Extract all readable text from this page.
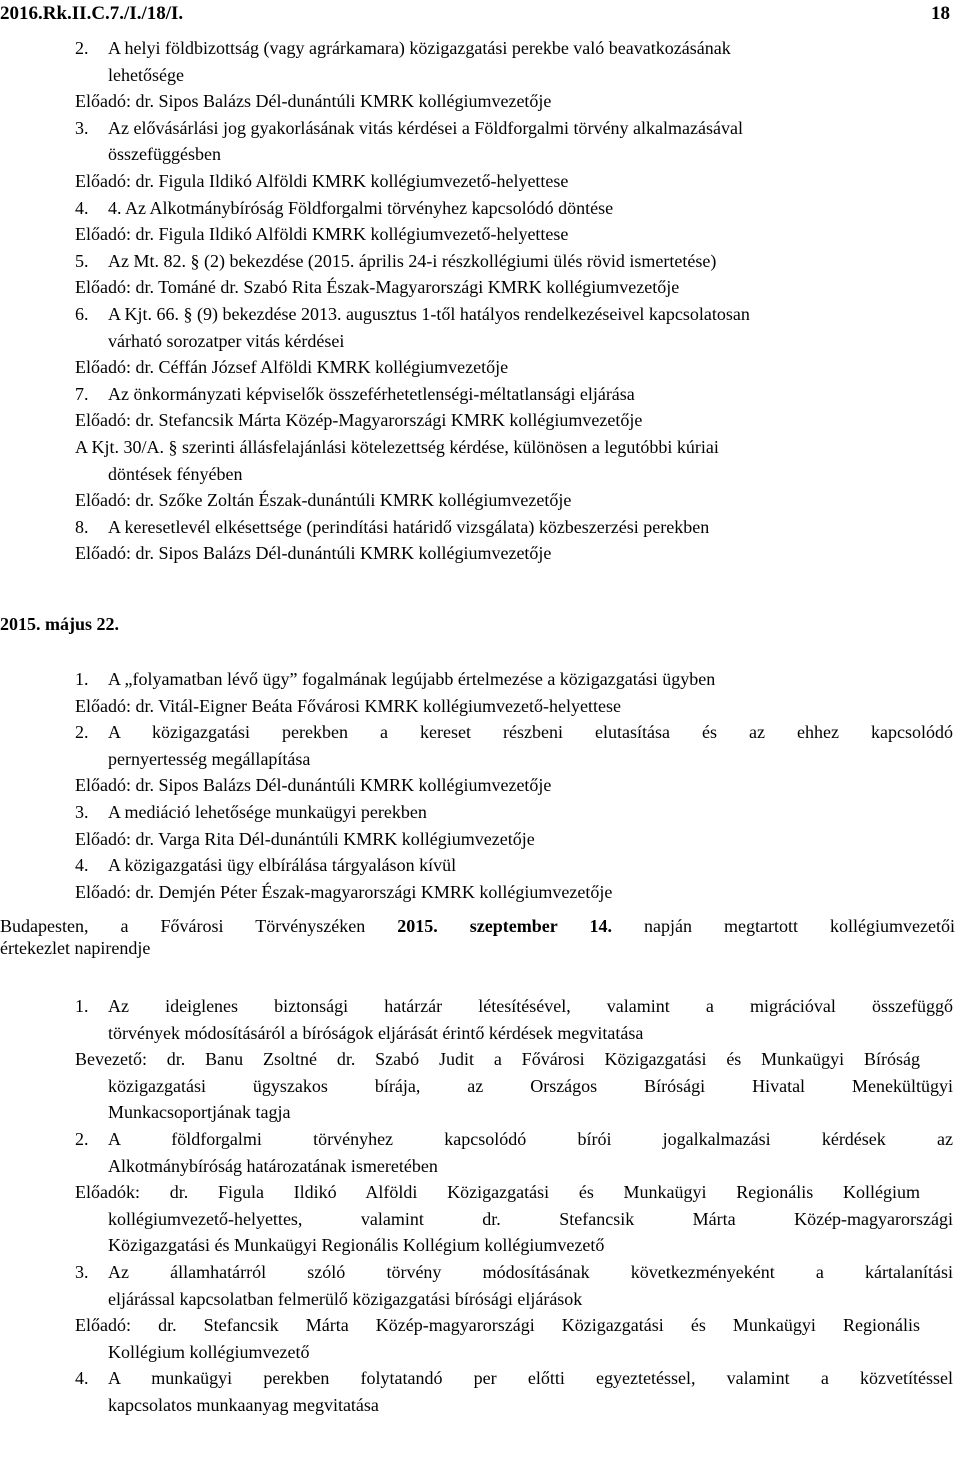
2016.Rk.II.C.7./I./18/I.	18
2. A helyi földbizottság (vagy agrárkamara) közigazgatási perekbe való beavatkozásának
lehetősége
Előadó: dr. Sipos Balázs Dél-dunántúli KMRK kollégiumvezetője
3. Az elővásárlási jog gyakorlásának vitás kérdései a Földforgalmi törvény alkalmazásával
összefüggésben
Előadó: dr. Figula Ildikó Alföldi KMRK kollégiumvezető-helyettese
4. 4. Az Alkotmánybíróság Földforgalmi törvényhez kapcsolódó döntése
Előadó: dr. Figula Ildikó Alföldi KMRK kollégiumvezető-helyettese
5. Az Mt. 82. § (2) bekezdése (2015. április 24-i részkollégiumi ülés rövid ismertetése)
Előadó: dr. Tománé dr. Szabó Rita Észak-Magyarországi KMRK kollégiumvezetője
6. A Kjt. 66. § (9) bekezdése 2013. augusztus 1-től hatályos rendelkezéseivel kapcsolatosan
várható sorozatper vitás kérdései
Előadó: dr. Céffán József Alföldi KMRK kollégiumvezetője
7. Az önkormányzati képviselők összeférhetetlenségi-méltatlansági eljárása
Előadó: dr. Stefancsik Márta Közép-Magyarországi KMRK kollégiumvezetője
A Kjt. 30/A. § szerinti állásfelajánlási kötelezettség kérdése, különösen a legutóbbi kúriai
döntések fényében
Előadó: dr. Szőke Zoltán Észak-dunántúli KMRK kollégiumvezetője
8. A keresetlevél elkésettsége (perindítási határidő vizsgálata) közbeszerzési perekben
Előadó: dr. Sipos Balázs Dél-dunántúli KMRK kollégiumvezetője
2015. május 22.
1. A „folyamatban lévő ügy” fogalmának legújabb értelmezése a közigazgatási ügyben
Előadó: dr. Vitál-Eigner Beáta Fővárosi KMRK kollégiumvezető-helyettese
2. A közigazgatási perekben a kereset részbeni elutasítása és az ehhez kapcsolódó
pernyertesség megállapítása
Előadó: dr. Sipos Balázs Dél-dunántúli KMRK kollégiumvezetője
3. A mediáció lehetősége munkaügyi perekben
Előadó: dr. Varga Rita Dél-dunántúli KMRK kollégiumvezetője
4. A közigazgatási ügy elbírálása tárgyaláson kívül
Előadó: dr. Demjén Péter Észak-magyarországi KMRK kollégiumvezetője
Budapesten, a Fővárosi Törvényszéken 2015. szeptember 14. napján megtartott kollégiumvezetői
értekezlet napirendje
1. Az ideiglenes biztonsági határzár létesítésével, valamint a migrációval összefüggő
törvények módosításáról a bíróságok eljárását érintő kérdések megvitatása
Bevezető: dr. Banu Zsoltné dr. Szabó Judit a Fővárosi Közigazgatási és Munkaügyi Bíróság
közigazgatási ügyszakos bírája, az Országos Bírósági Hivatal Menekültügyi
Munkacsoportjának tagja
2. A földforgalmi törvényhez kapcsolódó bírói jogalkalmazási kérdések az
Alkotmánybíróság határozatának ismeretében
Előadók: dr. Figula Ildikó Alföldi Közigazgatási és Munkaügyi Regionális Kollégium
kollégiumvezető-helyettes, valamint dr. Stefancsik Márta Közép-magyarországi
Közigazgatási és Munkaügyi Regionális Kollégium kollégiumvezető
3. Az államhatárról szóló törvény módosításának következményeként a kártalanítási
eljárással kapcsolatban felmerülő közigazgatási bírósági eljárások
Előadó: dr. Stefancsik Márta Közép-magyarországi Közigazgatási és Munkaügyi Regionális
Kollégium kollégiumvezető
4. A munkaügyi perekben folytatandó per előtti egyeztetéssel, valamint a közvetítéssel
kapcsolatos munkaanyag megvitatása
